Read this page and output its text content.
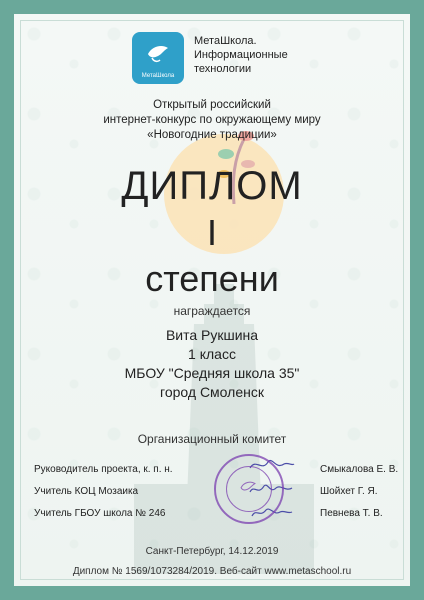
МетаШкола
МетаШкола.
Информационные
технологии
Открытый российский
интернет-конкурс по окружающему миру
«Новогодние традиции»
ДИПЛОМ
I
степени
награждается
Вита Рукшина
1 класс
МБОУ "Средняя школа 35"
город Смоленск
Организационный комитет
Руководитель проекта, к. п. н.	Смыкалова Е. В.
Учитель КОЦ Мозаика	Шойхет Г. Я.
Учитель ГБОУ школа № 246	Певнева Т. В.
Санкт-Петербург, 14.12.2019
Диплом № 1569/1073284/2019. Веб-сайт www.metaschool.ru
